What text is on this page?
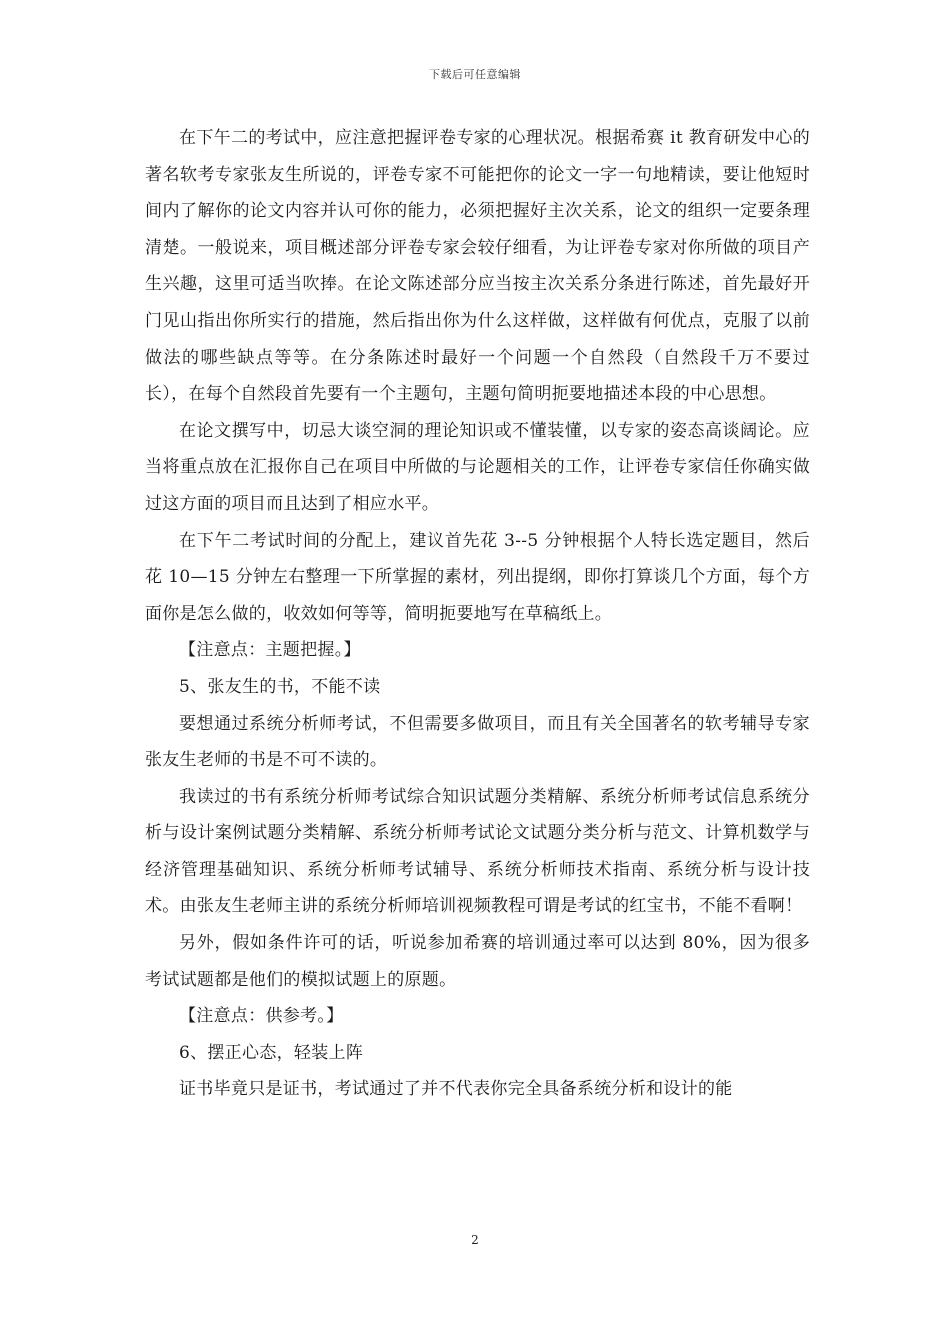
下载后可任意编辑

在下午二的考试中，应注意把握评卷专家的心理状况。根据希赛 it 教育研发中心的著名软考专家张友生所说的，评卷专家不可能把你的论文一字一句地精读，要让他短时间内了解你的论文内容并认可你的能力，必须把握好主次关系，论文的组织一定要条理清楚。一般说来，项目概述部分评卷专家会较仔细看，为让评卷专家对你所做的项目产生兴趣，这里可适当吹捧。在论文陈述部分应当按主次关系分条进行陈述，首先最好开门见山指出你所实行的措施，然后指出你为什么这样做，这样做有何优点，克服了以前做法的哪些缺点等等。在分条陈述时最好一个问题一个自然段（自然段千万不要过长），在每个自然段首先要有一个主题句，主题句简明扼要地描述本段的中心思想。

在论文撰写中，切忌大谈空洞的理论知识或不懂装懂，以专家的姿态高谈阔论。应当将重点放在汇报你自己在项目中所做的与论题相关的工作，让评卷专家信任你确实做过这方面的项目而且达到了相应水平。

在下午二考试时间的分配上，建议首先花 3--5 分钟根据个人特长选定题目，然后花 10—15 分钟左右整理一下所掌握的素材，列出提纲，即你打算谈几个方面，每个方面你是怎么做的，收效如何等等，简明扼要地写在草稿纸上。

【注意点：主题把握。】

5、张友生的书，不能不读

要想通过系统分析师考试，不但需要多做项目，而且有关全国著名的软考辅导专家张友生老师的书是不可不读的。

我读过的书有系统分析师考试综合知识试题分类精解、系统分析师考试信息系统分析与设计案例试题分类精解、系统分析师考试论文试题分类分析与范文、计算机数学与经济管理基础知识、系统分析师考试辅导、系统分析师技术指南、系统分析与设计技术。由张友生老师主讲的系统分析师培训视频教程可谓是考试的红宝书，不能不看啊！

另外，假如条件许可的话，听说参加希赛的培训通过率可以达到 80%，因为很多考试试题都是他们的模拟试题上的原题。

【注意点：供参考。】

6、摆正心态，轻装上阵

证书毕竟只是证书，考试通过了并不代表你完全具备系统分析和设计的能

2
